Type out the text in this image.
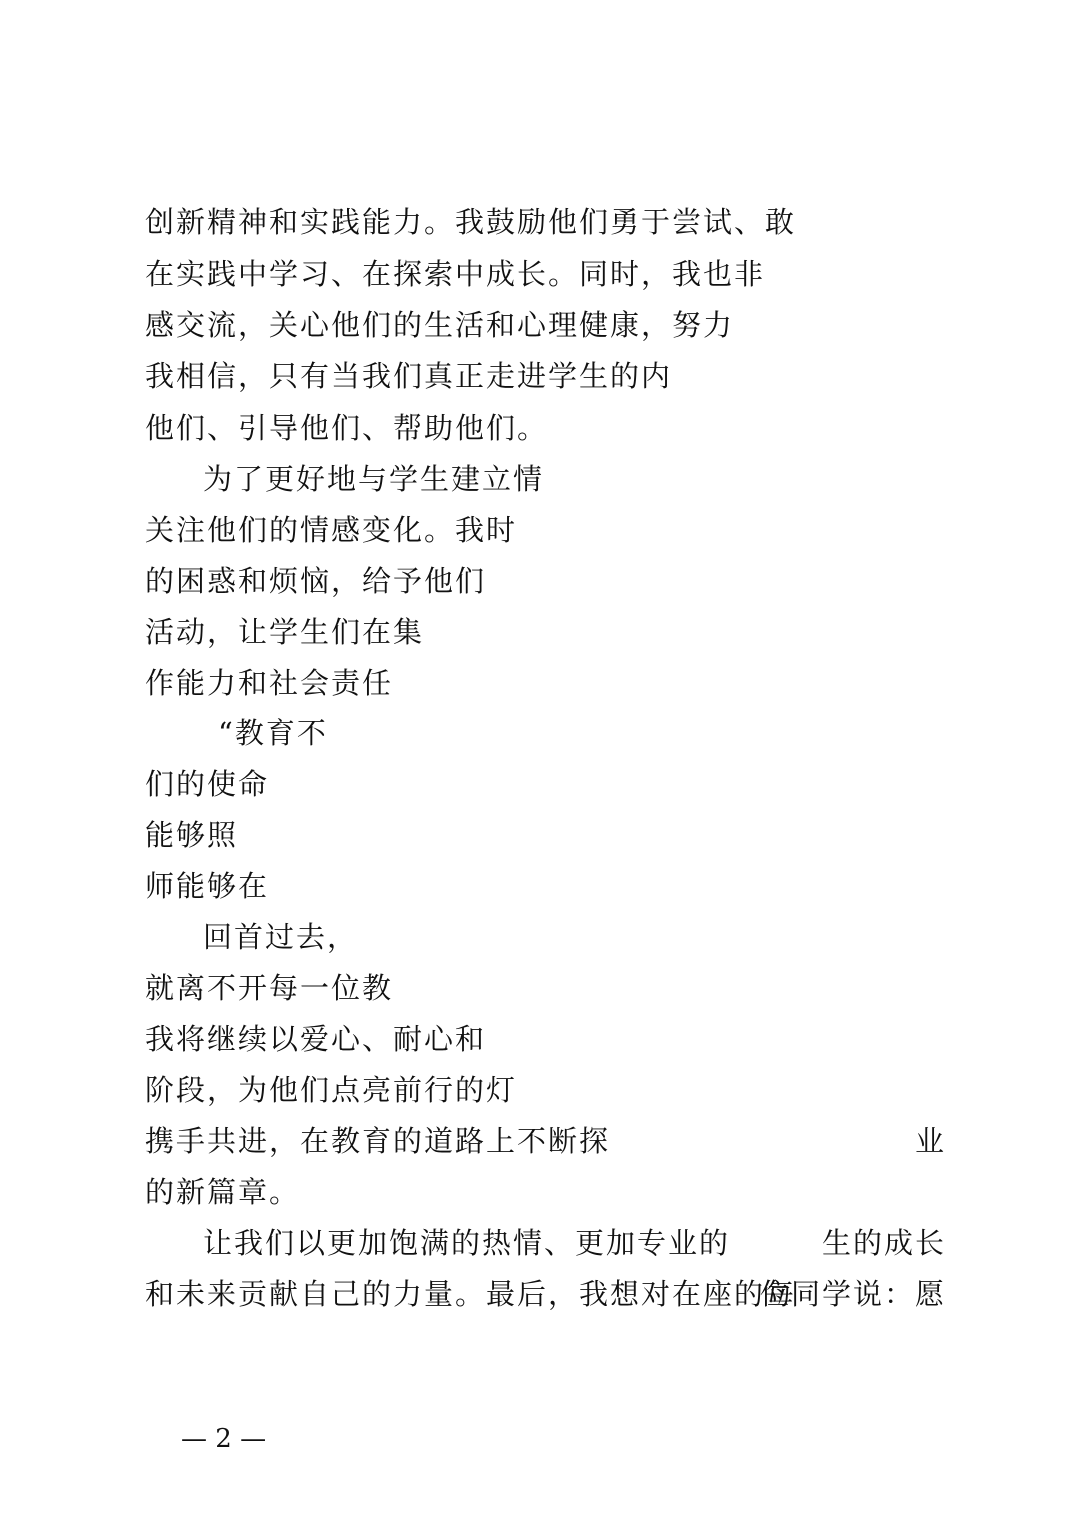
创新精神和实践能力。我鼓励他们勇于尝试、敢
在实践中学习、在探索中成长。同时，我也非
感交流，关心他们的生活和心理健康，努力
我相信，只有当我们真正走进学生的内
他们、引导他们、帮助他们。
为了更好地与学生建立情
关注他们的情感变化。我时
的困惑和烦恼，给予他们
活动，让学生们在集
作能力和社会责任
“教育不
们的使命
能够照
师能够在
回首过去，
就离不开每一位教
我将继续以爱心、耐心和
阶段，为他们点亮前行的灯
携手共进，在教育的道路上不断探	业
的新篇章。
让我们以更加饱满的热情、更加专业的	生的成长
和未来贡献自己的力量。最后，我想对在座的每
位同学说：愿
— 2 —
